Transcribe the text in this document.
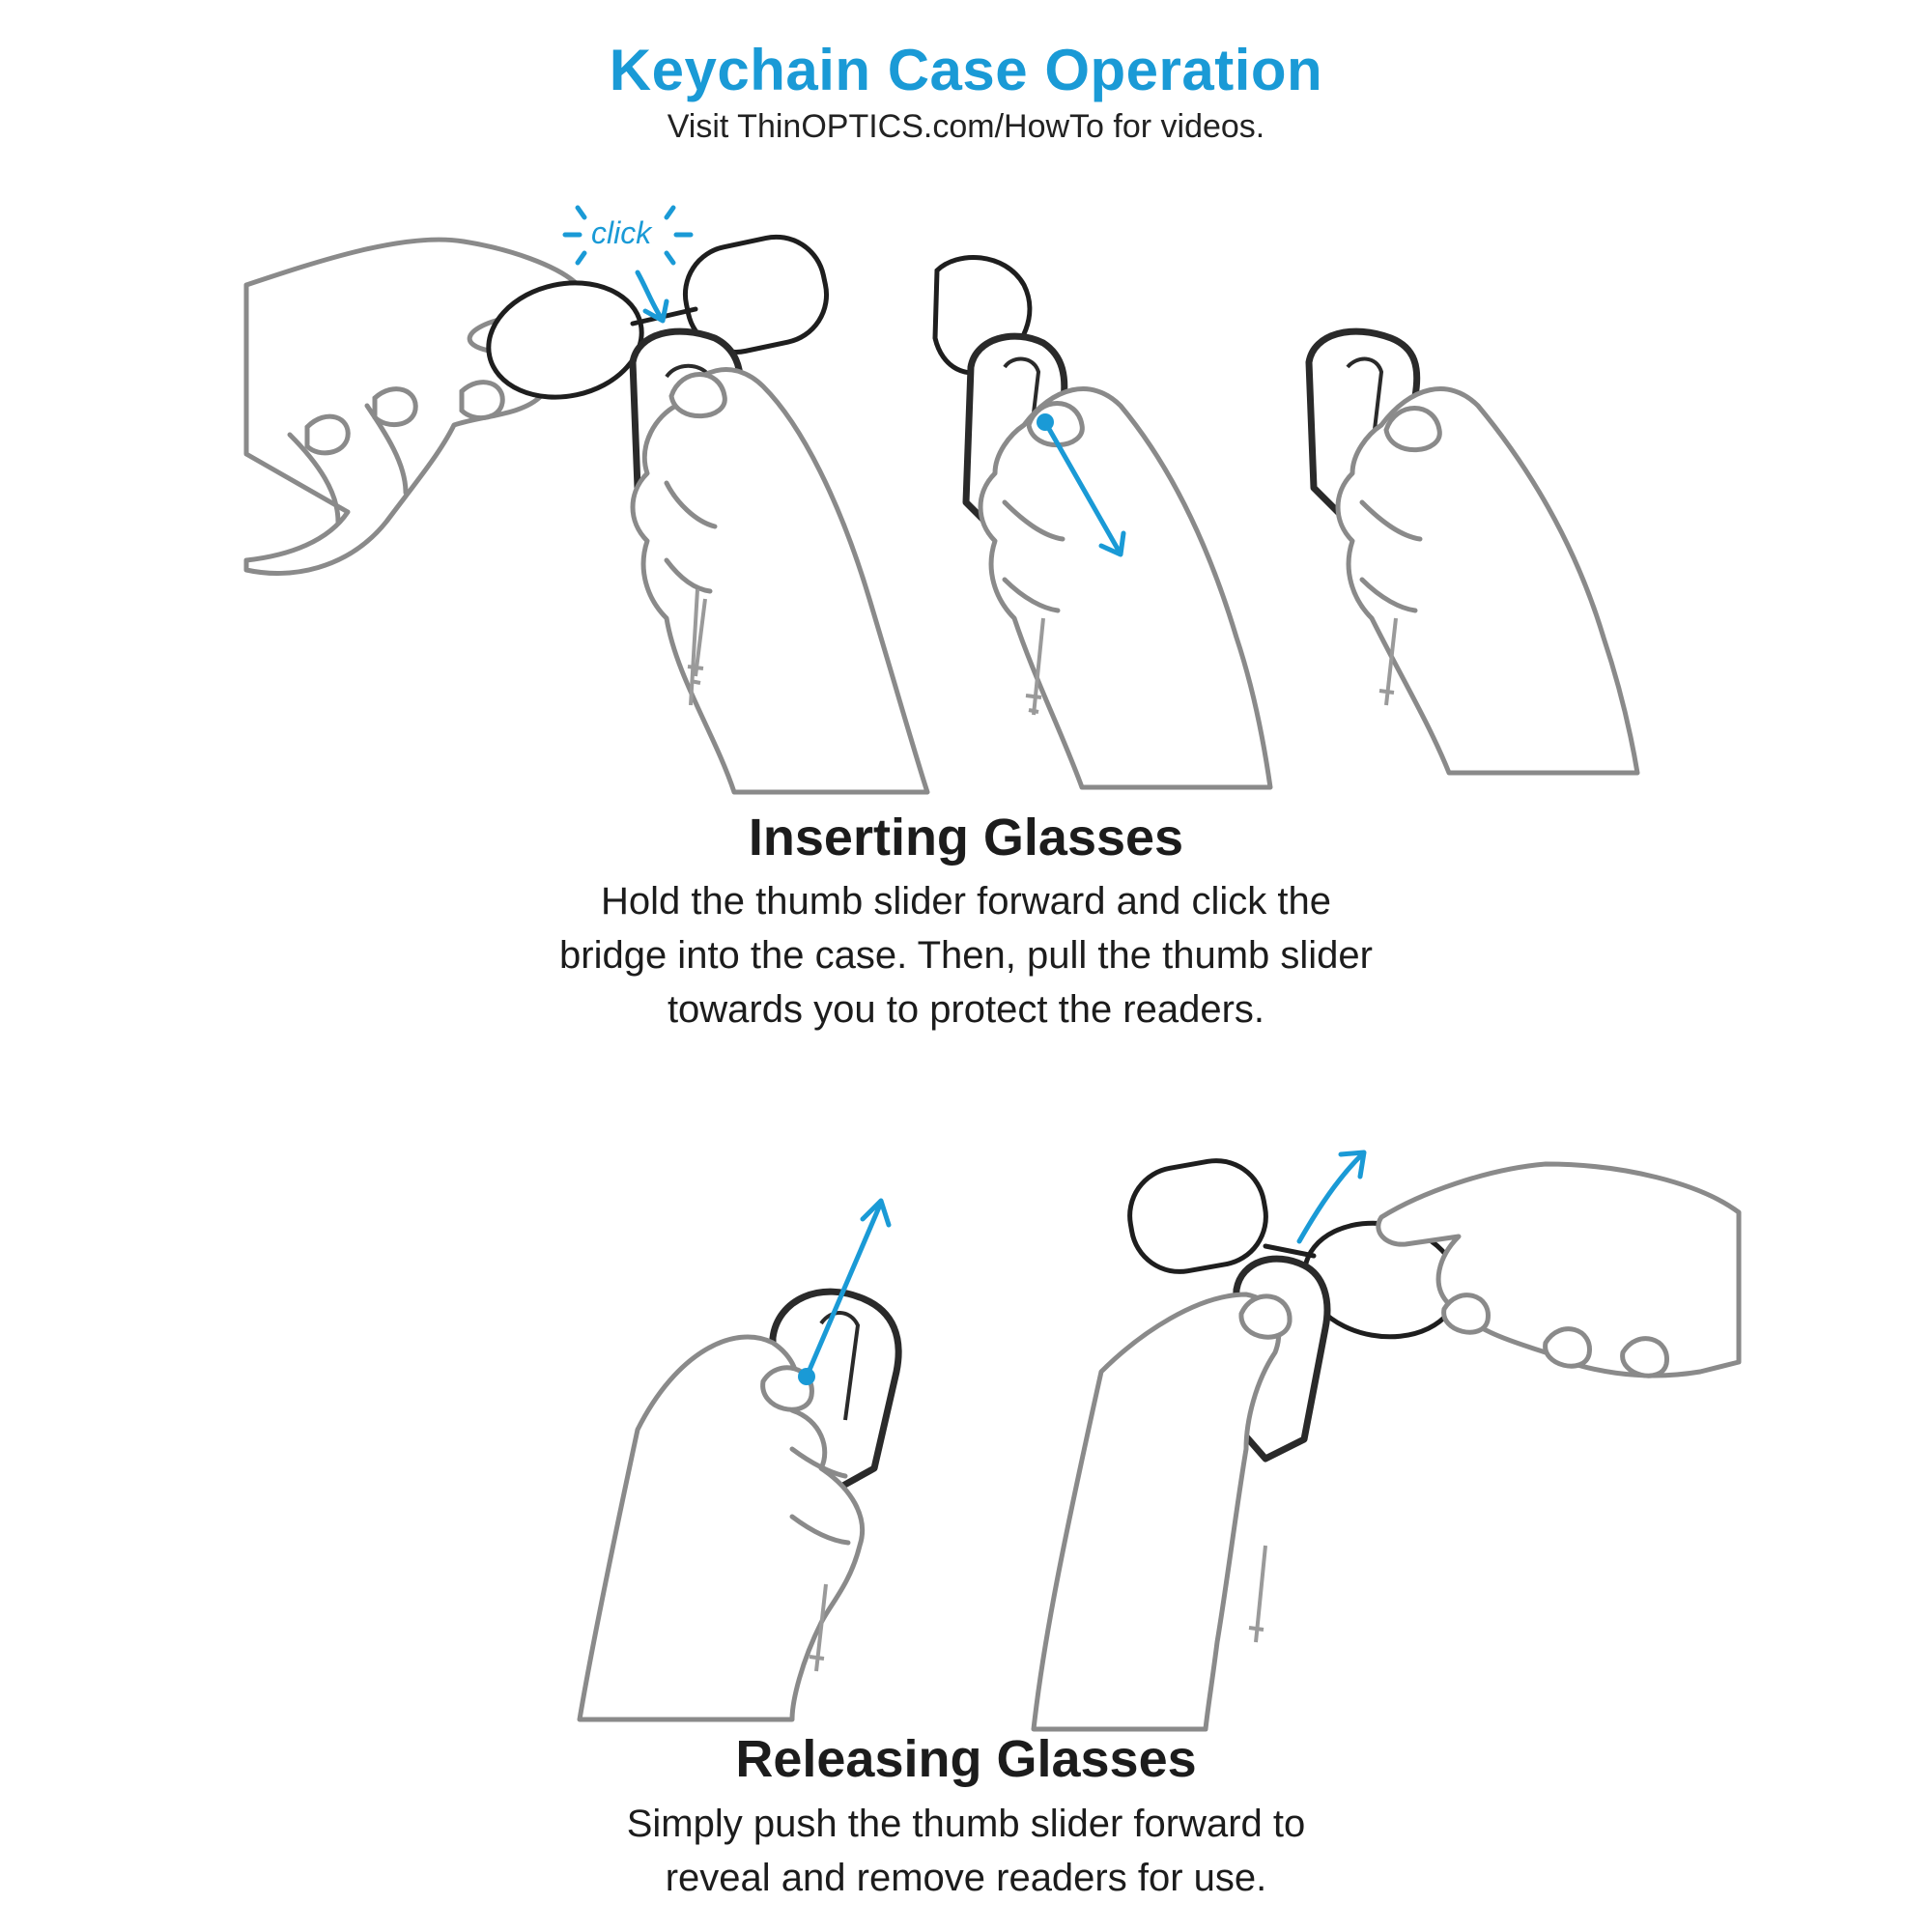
Keychain Case Operation
Visit ThinOPTICS.com/HowTo for videos.
click
Inserting Glasses
Hold the thumb slider forward and click the
bridge into the case. Then, pull the thumb slider
towards you to protect the readers.
Releasing Glasses
Simply push the thumb slider forward to
reveal and remove readers for use.
